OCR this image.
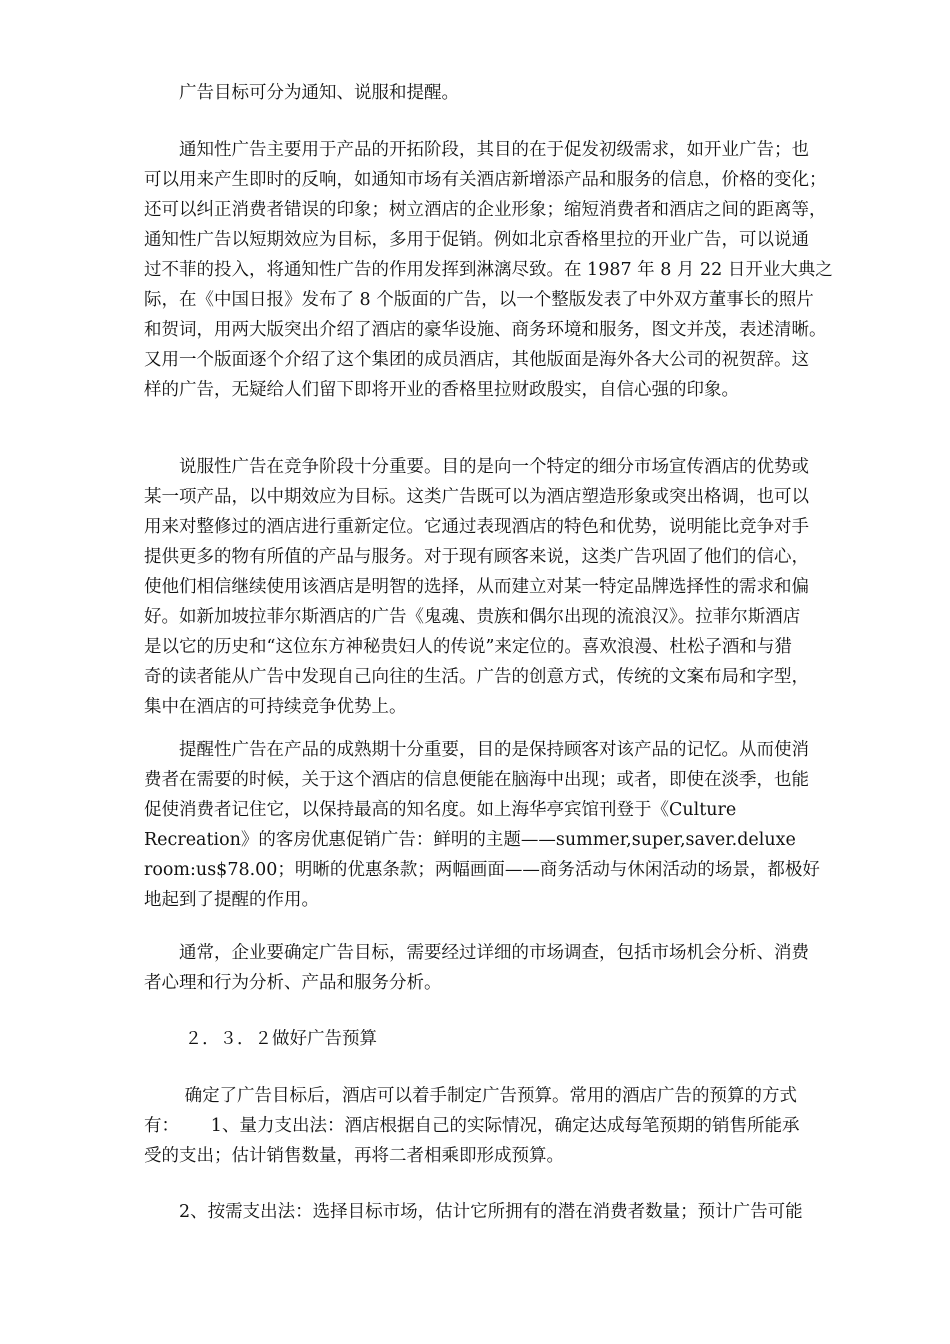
　　广告目标可分为通知、说服和提醒。

　　通知性广告主要用于产品的开拓阶段，其目的在于促发初级需求，如开业广告；也
可以用来产生即时的反响，如通知市场有关酒店新增添产品和服务的信息，价格的变化；
还可以纠正消费者错误的印象；树立酒店的企业形象；缩短消费者和酒店之间的距离等，
通知性广告以短期效应为目标，多用于促销。例如北京香格里拉的开业广告，可以说通
过不菲的投入，将通知性广告的作用发挥到淋漓尽致。在 1987 年 8 月 22 日开业大典之
际，在《中国日报》发布了 8 个版面的广告，以一个整版发表了中外双方董事长的照片
和贺词，用两大版突出介绍了酒店的豪华设施、商务环境和服务，图文并茂，表述清晰。
又用一个版面逐个介绍了这个集团的成员酒店，其他版面是海外各大公司的祝贺辞。这
样的广告，无疑给人们留下即将开业的香格里拉财政殷实，自信心强的印象。

　　说服性广告在竞争阶段十分重要。目的是向一个特定的细分市场宣传酒店的优势或
某一项产品，以中期效应为目标。这类广告既可以为酒店塑造形象或突出格调，也可以
用来对整修过的酒店进行重新定位。它通过表现酒店的特色和优势，说明能比竞争对手
提供更多的物有所值的产品与服务。对于现有顾客来说，这类广告巩固了他们的信心，
使他们相信继续使用该酒店是明智的选择，从而建立对某一特定品牌选择性的需求和偏
好。如新加坡拉菲尔斯酒店的广告《鬼魂、贵族和偶尔出现的流浪汉》。拉菲尔斯酒店
是以它的历史和“这位东方神秘贵妇人的传说”来定位的。喜欢浪漫、杜松子酒和与猎
奇的读者能从广告中发现自己向往的生活。广告的创意方式，传统的文案布局和字型，
集中在酒店的可持续竞争优势上。

　　提醒性广告在产品的成熟期十分重要，目的是保持顾客对该产品的记忆。从而使消
费者在需要的时候，关于这个酒店的信息便能在脑海中出现；或者，即使在淡季，也能
促使消费者记住它，以保持最高的知名度。如上海华亭宾馆刊登于《Culture
Recreation》的客房优惠促销广告：鲜明的主题——summer,super,saver.deluxe
room:us$78.00；明晰的优惠条款；两幅画面——商务活动与休闲活动的场景，都极好
地起到了提醒的作用。

　　通常，企业要确定广告目标，需要经过详细的市场调查，包括市场机会分析、消费
者心理和行为分析、产品和服务分析。

　　 ２．３．２做好广告预算

　　 确定了广告目标后，酒店可以着手制定广告预算。常用的酒店广告的预算的方式
有：　　 1、量力支出法：酒店根据自己的实际情况，确定达成每笔预期的销售所能承
受的支出；估计销售数量，再将二者相乘即形成预算。

　　2、按需支出法：选择目标市场，估计它所拥有的潜在消费者数量；预计广告可能
